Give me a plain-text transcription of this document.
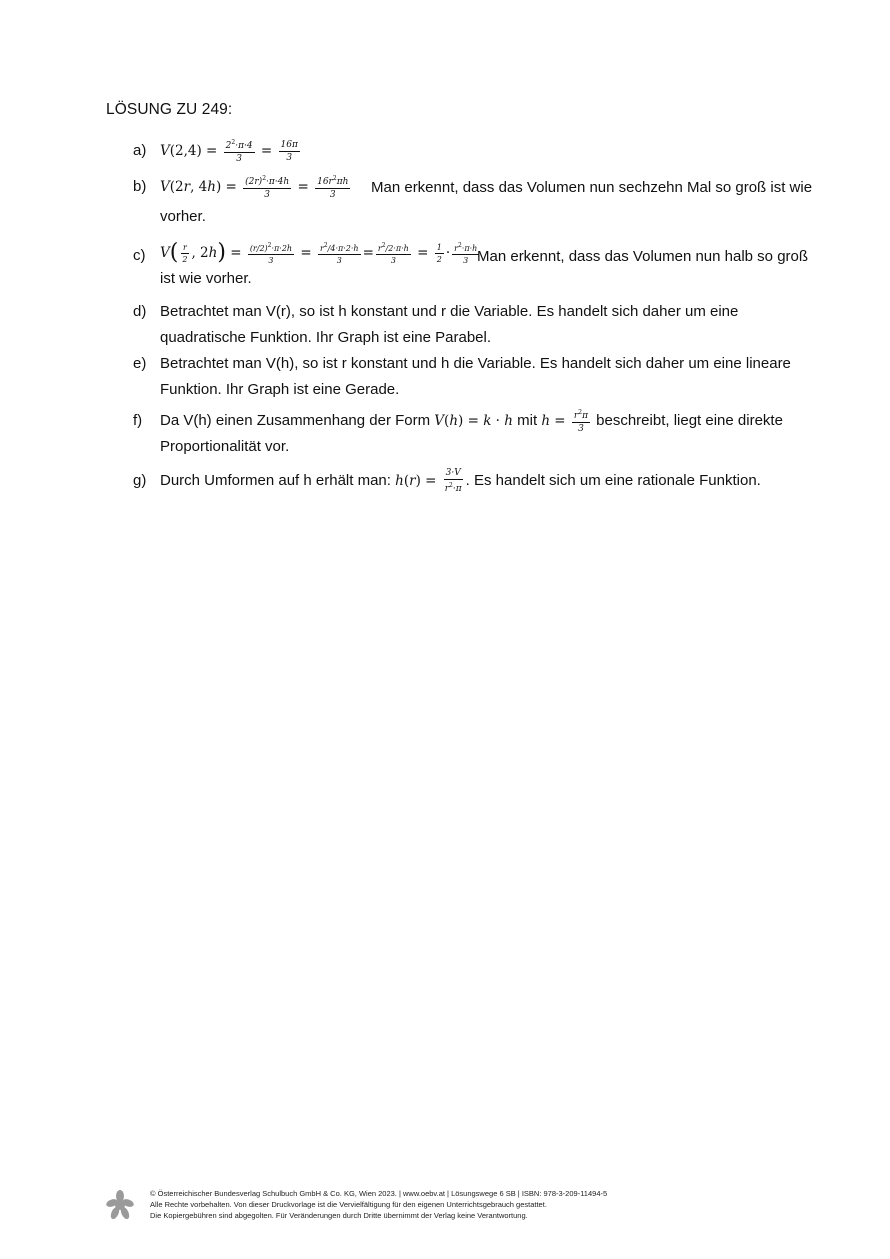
LÖSUNG ZU 249:
a) $V(2,4) = \frac{2^2\cdot\pi\cdot 4}{3} = \frac{16\pi}{3}$
b) V(2r, $4h) = \frac{(2r)^2\cdot\pi\cdot 4h}{3} = \frac{16r^2\pi h}{3}$
vorher.
Man erkennt, dass das Volumen nun sechzehn Mal so groß ist wie
c) $V( \frac{r}{2}$ , $2h) = \frac{(r/2)^2\cdot\pi\cdot 2h}{3} = \frac{r^2/4\cdot\pi\cdot 2\cdot h}{3} = \frac{r^2/2\cdot\pi\cdot h}{3} = \frac{1}{2} \cdot \frac{r^2\cdot\pi\cdot h}{3}$
ist wie vorher.
Man erkennt, dass das Volumen nun halb so groß
d) Betrachtet man V(r), so ist h konstant und r die Variable. Es handelt sich daher um eine
quadratische Funktion. Ihr Graph ist eine Parabel.
e) Betrachtet man V(h), so ist r konstant und h die Variable. Es handelt sich daher um eine lineare
Funktion. Ihr Graph ist eine Gerade.
f) Da V(h) einen Zusammenhang der Form V(h) = k · h mit $h = \frac{r^2\pi}{3}$ beschreibt, liegt eine direkte
Proportionalität vor.
g) Durch Umformen auf h erhält man: $h(r) = \frac{3\cdot V}{r^2\cdot\pi}$ . Es handelt sich um eine rationale Funktion.
© Österreichischer Bundesverlag Schulbuch GmbH & Co. KG, Wien 2023. | www.oebv.at | Lösungswege 6 SB | ISBN: 978-3-209-11494-5
Alle Rechte vorbehalten. Von dieser Druckvorlage ist die Vervielfältigung für den eigenen Unterrichtsgebrauch gestattet.
Die Kopiergebühren sind abgegolten. Für Veränderungen durch Dritte übernimmt der Verlag keine Verantwortung.
